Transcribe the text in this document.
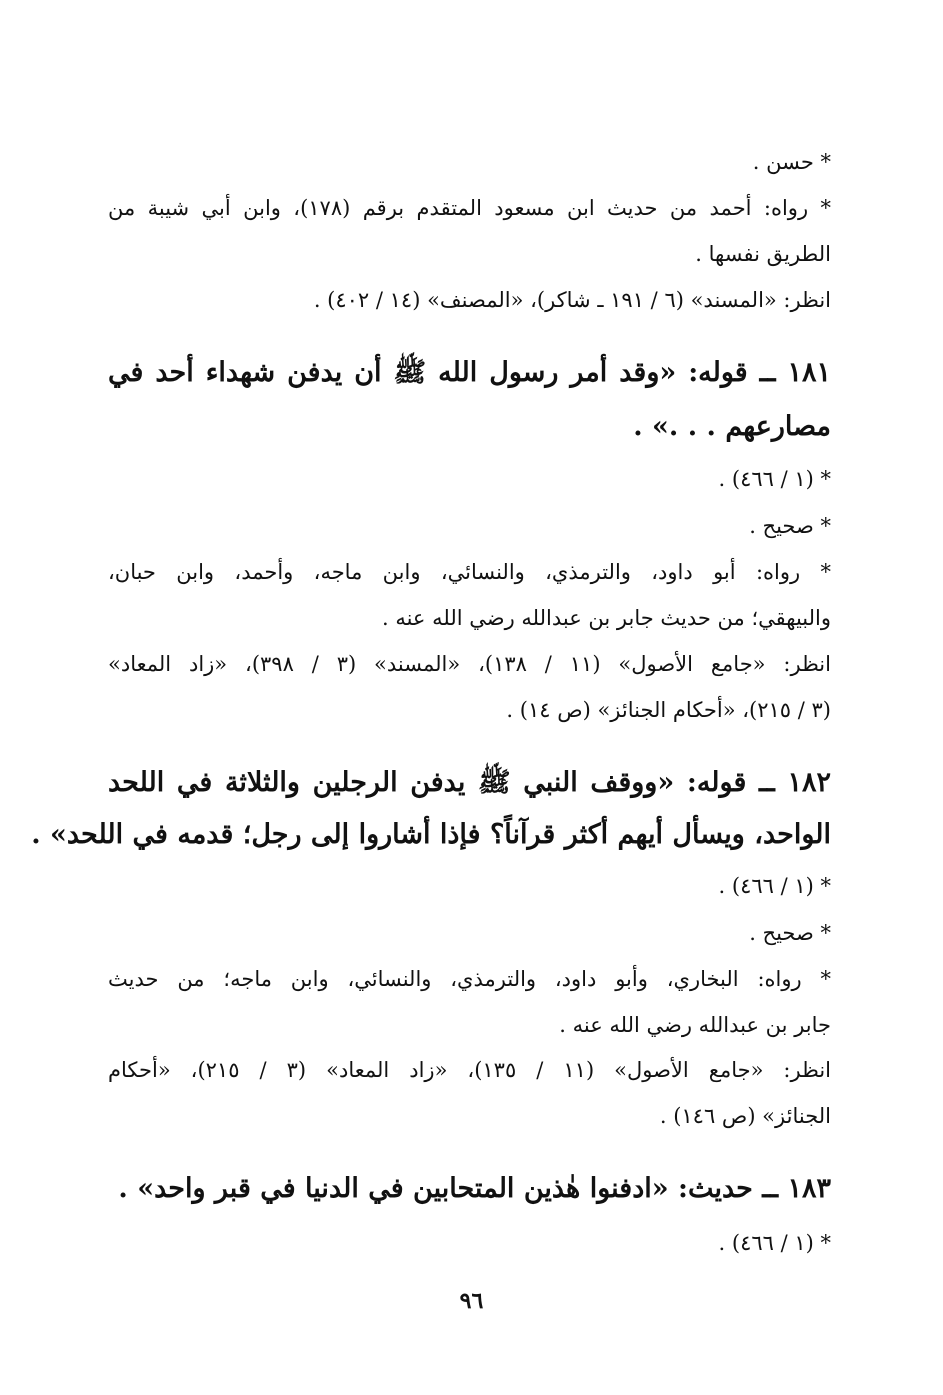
* حسن .
* رواه: أحمد من حديث ابن مسعود المتقدم برقم (١٧٨)، وابن أبي شيبة من
الطريق نفسها .
انظر: «المسند» (٦ / ١٩١ ـ شاكر)، «المصنف» (١٤ / ٤٠٢) .
١٨١ ــ قوله: «وقد أمر رسول الله ﷺ أن يدفن شهداء أحد في
مصارعهم . . .» .
* (١ / ٤٦٦) .
* صحيح .
* رواه: أبو داود، والترمذي، والنسائي، وابن ماجه، وأحمد، وابن حبان،
والبيهقي؛ من حديث جابر بن عبدالله رضي الله عنه .
انظر: «جامع الأصول» (١١ / ١٣٨)، «المسند» (٣ / ٣٩٨)، «زاد المعاد»
(٣ / ٢١٥)، «أحكام الجنائز» (ص ١٤) .
١٨٢ ــ قوله: «ووقف النبي ﷺ يدفن الرجلين والثلاثة في اللحد
الواحد، ويسأل أيهم أكثر قرآناً؟ فإذا أشاروا إلى رجل؛ قدمه في اللحد» .
* (١ / ٤٦٦) .
* صحيح .
* رواه: البخاري، وأبو داود، والترمذي، والنسائي، وابن ماجه؛ من حديث
جابر بن عبدالله رضي الله عنه .
انظر: «جامع الأصول» (١١ / ١٣٥)، «زاد المعاد» (٣ / ٢١٥)، «أحكام
الجنائز» (ص ١٤٦) .
١٨٣ ــ حديث: «ادفنوا هٰذين المتحابين في الدنيا في قبر واحد» .
* (١ / ٤٦٦) .
٩٦
